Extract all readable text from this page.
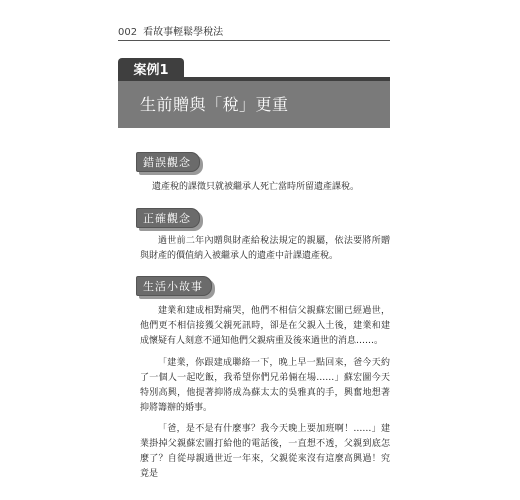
002 看故事輕鬆學稅法
案例1
生前贈與「稅」更重
錯誤觀念

遺產稅的課徵只就被繼承人死亡當時所留遺產課稅。

正確觀念

過世前二年內贈與財產給稅法規定的親屬，依法要將所贈與財產的價值納入被繼承人的遺產中計課遺產稅。

生活小故事

建業和建成相對痛哭，他們不相信父親蘇宏圖已經過世，他們更不相信接獲父親死訊時，卻是在父親入土後，建業和建成懷疑有人刻意不通知他們父親病重及後來過世的消息……。

「建業，你跟建成聯絡一下，晚上早一點回來，爸今天約了一個人一起吃飯，我希望你們兄弟倆在場……」蘇宏圖今天特別高興，他提著抑將成為蘇太太的吳雅真的手，興奮地想著抑將籌辦的婚事。

「爸，是不是有什麼事？我今天晚上要加班啊！……」建業掛掉父親蘇宏圖打給他的電話後，一直想不透，父親到底怎麼了？自從母親過世近一年來，父親從來沒有這麼高興過！究竟是
